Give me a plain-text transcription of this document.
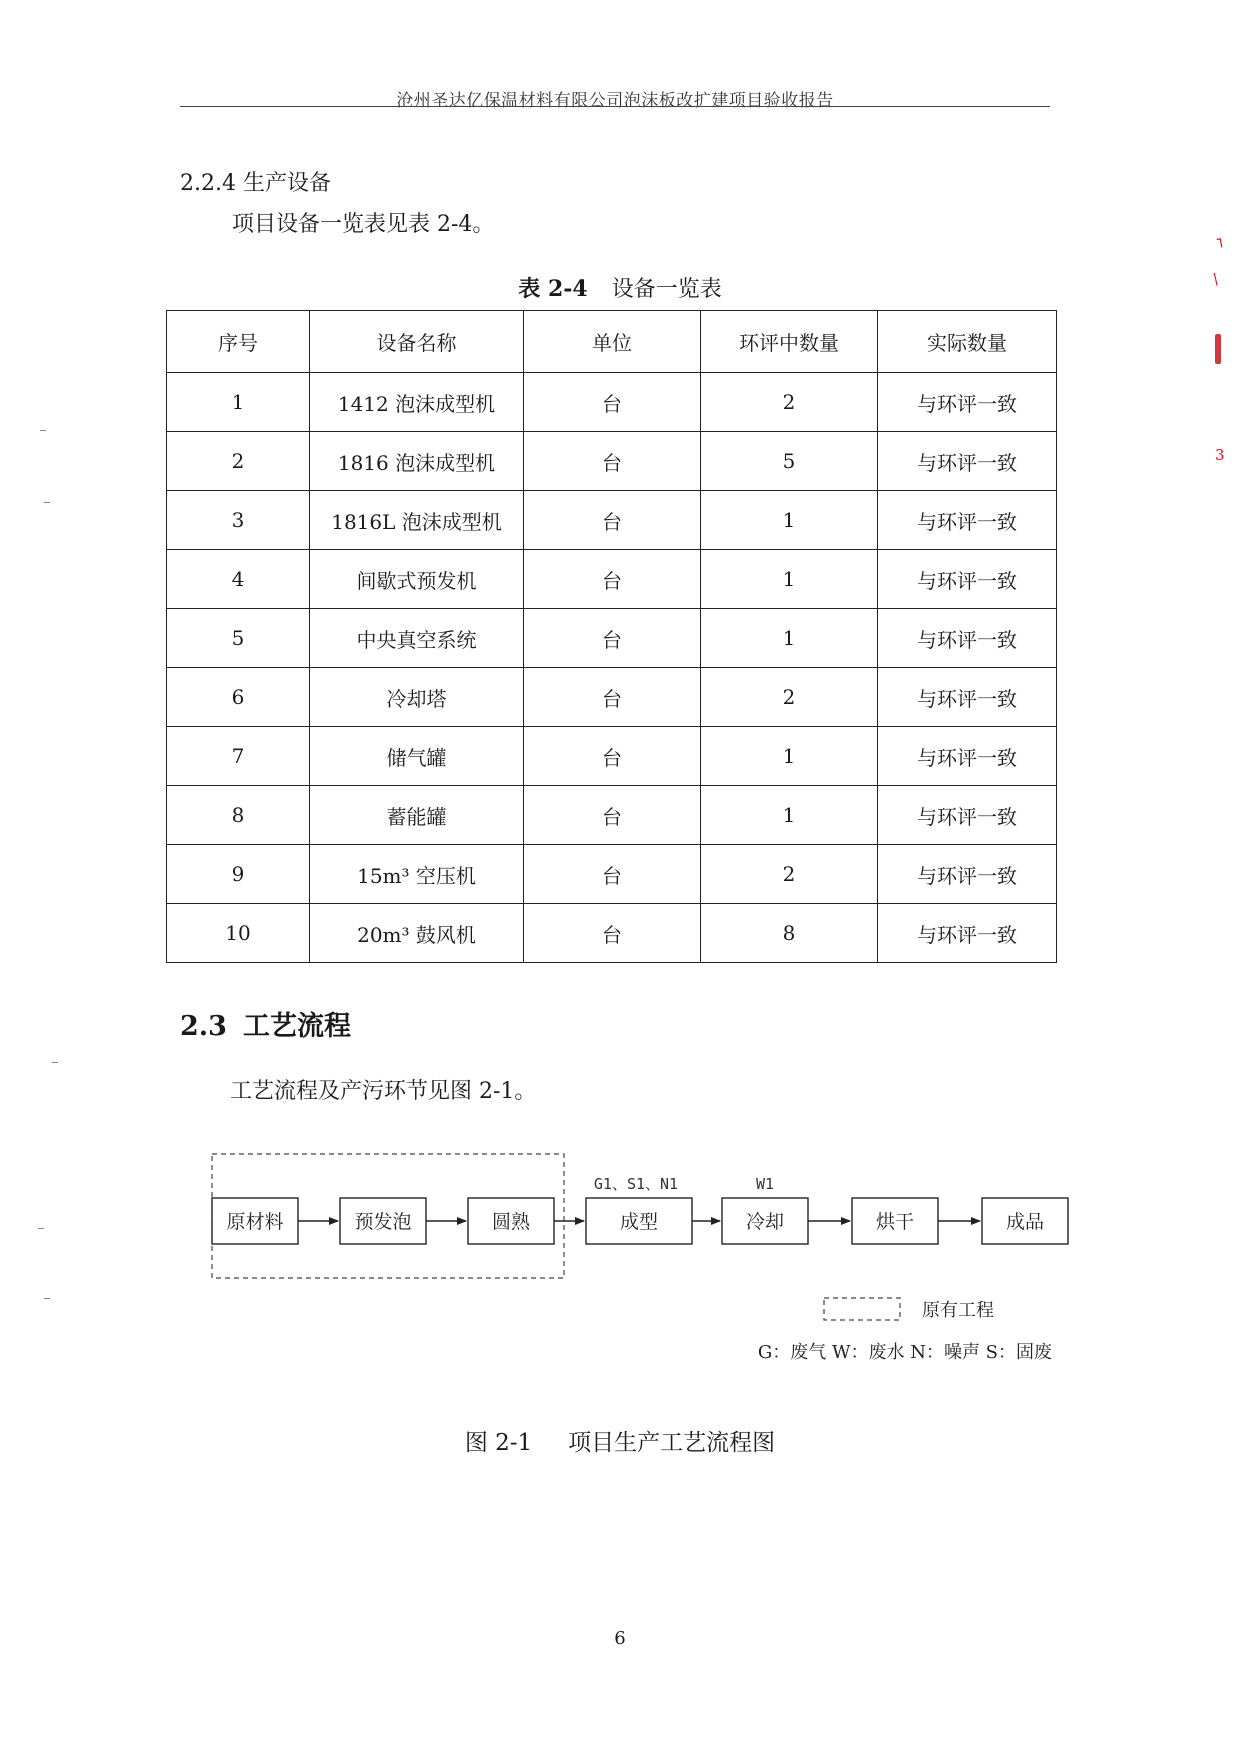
沧州圣达亿保温材料有限公司泡沫板改扩建项目验收报告
2.2.4 生产设备
项目设备一览表见表 2-4。
表 2-4 设备一览表
序号	设备名称	单位	环评中数量	实际数量
1	1412 泡沫成型机	台	2	与环评一致
2	1816 泡沫成型机	台	5	与环评一致
3	1816L 泡沫成型机	台	1	与环评一致
4	间歇式预发机	台	1	与环评一致
5	中央真空系统	台	1	与环评一致
6	冷却塔	台	2	与环评一致
7	储气罐	台	1	与环评一致
8	蓄能罐	台	1	与环评一致
9	15m³ 空压机	台	2	与环评一致
10	20m³ 鼓风机	台	8	与环评一致
2.3 工艺流程
工艺流程及产污环节见图 2-1。
原材料	预发泡	圆熟	成型	冷却	烘干	成品
G1、S1、N1	W1
原有工程
G：废气 W：废水 N：噪声 S：固废
图 2-1 项目生产工艺流程图
6
⌐
∕
3
